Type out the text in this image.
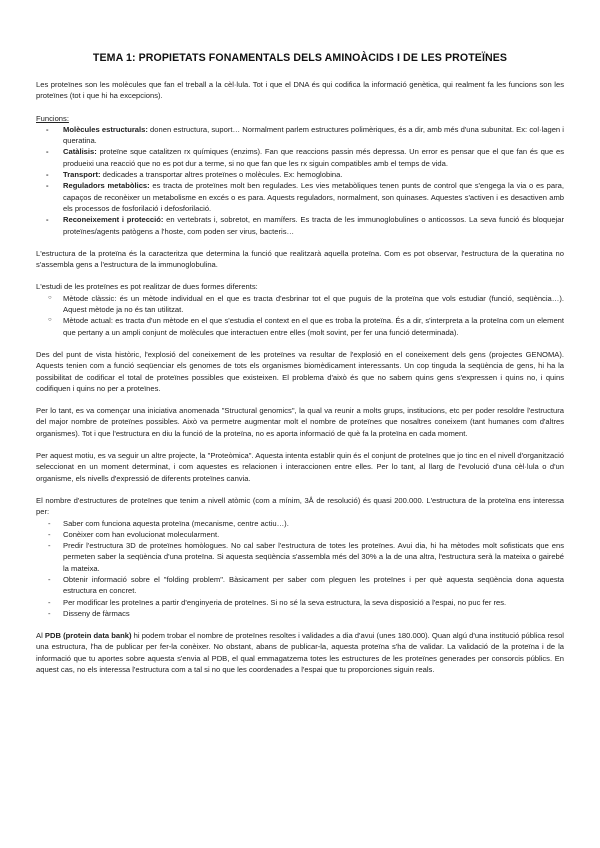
TEMA 1: PROPIETATS FONAMENTALS DELS AMINOÀCIDS I DE LES PROTEÏNES

Les proteïnes son les molècules que fan el treball a la cèl·lula. Tot i que el DNA és qui codifica la informació genètica, qui realment fa les funcions son les proteïnes (tot i que hi ha excepcions).

Funcions:
- Molècules estructurals: donen estructura, suport… Normalment parlem estructures polimèriques, és a dir, amb més d'una subunitat. Ex: col·lagen i queratina.
- Catàlisis: proteïne sque catalitzen rx químiques (enzims). Fan que reaccions passin més depressa. Un error es pensar que el que fan és que es produeixi una reacció que no es pot dur a terme, si no que fan que les rx siguin compatibles amb el temps de vida.
- Transport: dedicades a transportar altres proteïnes o molècules. Ex: hemoglobina.
- Reguladors metabòlics: es tracta de proteïnes molt ben regulades. Les vies metabòliques tenen punts de control que s'engega la via o es para, capaços de reconèixer un metabolisme en excés o es para. Aquests reguladors, normalment, son quinases. Aquestes s'activen i es desactiven amb els processos de fosforilació i defosforilació.
- Reconeixement i protecció: en vertebrats i, sobretot, en mamífers. Es tracta de les immunoglobulines o anticossos. La seva funció és bloquejar proteïnes/agents patògens a l'hoste, com poden ser virus, bacteris…

L'estructura de la proteïna és la caracteritza que determina la funció que realitzarà aquella proteïna. Com es pot observar, l'estructura de la queratina no s'assembla gens a l'estructura de la immunoglobulina.

L'estudi de les proteïnes es pot realitzar de dues formes diferents:

○ Mètode clàssic: és un mètode individual en el que es tracta d'esbrinar tot el que puguis de la proteïna que vols estudiar (funció, seqüència…). Aquest mètode ja no és tan utilitzat.
○ Mètode actual: es tracta d'un mètode en el que s'estudia el context en el que es troba la proteïna. És a dir, s'interpreta a la proteïna com un element que pertany a un ampli conjunt de molècules que interactuen entre elles (molt sovint, per fer una funció determinada).

Des del punt de vista històric, l'explosió del coneixement de les proteïnes va resultar de l'explosió en el coneixement dels gens (projectes GENOMA). Aquests tenien com a funció seqüenciar els genomes de tots els organismes biomèdicament interessants. Un cop tinguda la seqüència de gens, hi ha la possibilitat de codificar el total de proteïnes possibles que existeixen. El problema d'això és que no sabem quins gens s'expressen i quins no, i quins codifiquen i quins no per a proteïnes.

Per lo tant, es va començar una iniciativa anomenada "Structural genomics", la qual va reunir a molts grups, institucions, etc per poder resoldre l'estructura del major nombre de proteïnes possibles. Això va permetre augmentar molt el nombre de proteïnes que nosaltres coneixem (tant humanes com d'altres organismes). Tot i que l'estructura en diu la funció de la proteïna, no es aporta informació de què fa la proteïna en cada moment.

Per aquest motiu, es va seguir un altre projecte, la "Proteòmica". Aquesta intenta establir quin és el conjunt de proteïnes que jo tinc en el nivell d'organització seleccionat en un moment determinat, i com aquestes es relacionen i interaccionen entre elles. Per lo tant, al llarg de l'evolució d'una cèl·lula o d'un organisme, els nivells d'expressió de diferents proteïnes canvia.

El nombre d'estructures de proteïnes que tenim a nivell atòmic (com a mínim, 3Å de resolució) és quasi 200.000. L'estructura de la proteïna ens interessa per:

- Saber com funciona aquesta proteïna (mecanisme, centre actiu…).
- Conèixer com han evolucionat molecularment.
- Predir l'estructura 3D de proteïnes homòlogues. No cal saber l'estructura de totes les proteïnes. Avui dia, hi ha mètodes molt sofisticats que ens permeten saber la seqüència d'una proteïna. Si aquesta seqüència s'assembla més del 30% a la de una altra, l'estructura serà la mateixa o gairebé la mateixa.
- Obtenir informació sobre el "folding problem". Bàsicament per saber com pleguen les proteïnes i per què aquesta seqüència dona aquesta estructura en concret.
- Per modificar les proteïnes a partir d'enginyeria de proteïnes. Si no sé la seva estructura, la seva disposició a l'espai, no puc fer res.
- Disseny de fàrmacs

Al PDB (protein data bank) hi podem trobar el nombre de proteïnes resoltes i validades a dia d'avui (unes 180.000). Quan algú d'una institució pública resol una estructura, l'ha de publicar per fer-la conèixer. No obstant, abans de publicar-la, aquesta proteïna s'ha de validar. La validació de la proteïna i de la informació que tu aportes sobre aquesta s'envia al PDB, el qual emmagatzema totes les estructures de les proteïnes generades per consorcis públics. En aquest cas, no els interessa l'estructura com a tal si no que les coordenades a l'espai que tu proporciones siguin reals.
